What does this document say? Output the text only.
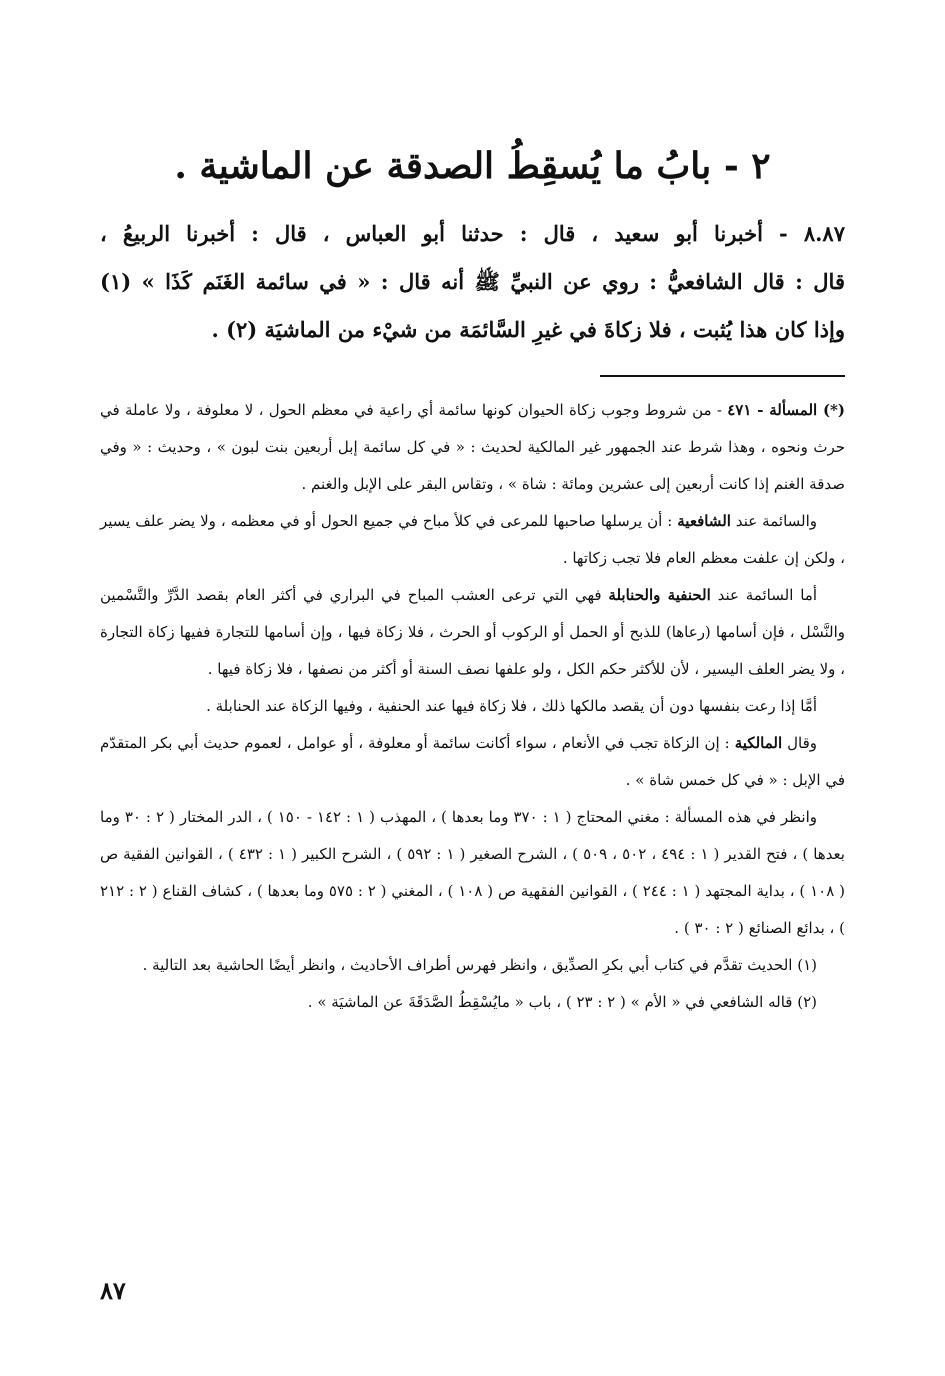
٢ - بابُ ما يُسقِطُ الصدقة عن الماشية .
٨.٨٧ - أخبرنا أبو سعيد ، قال : حدثنا أبو العباس ، قال : أخبرنا الربيعُ ،
قال : قال الشافعيُّ : روي عن النبيِّ ﷺ أنه قال : « في سائمة الغَنَم كَذَا » (١)
وإذا كان هذا يُثبت ، فلا زكاةَ في غيرِ السَّائمَة من شيْء من الماشيَة (٢) .

(*) المسألة - ٤٧١ - من شروط وجوب زكاة الحيوان كونها سائمة أي راعية في معظم الحول ، لا معلوفة ، ولا عاملة في حرث ونحوه ، وهذا شرط عند الجمهور غير المالكية لحديث : « في كل سائمة إبل أربعين بنت لبون » ، وحديث : « وفي صدقة الغنم إذا كانت أربعين إلى عشرين ومائة : شاة » ، وتقاس البقر على الإبل والغنم .

والسائمة عند الشافعية : أن يرسلها صاحبها للمرعى في كلأ مباح في جميع الحول أو في معظمه ، ولا يضر علف يسير ، ولكن إن علفت معظم العام فلا تجب زكاتها .

أما السائمة عند الحنفية والحنابلة فهي التي ترعى العشب المباح في البراري في أكثر العام بقصد الدَّرِّ والتَّسْمين والنَّسْل ، فإن أسامها (رعاها) للذبح أو الحمل أو الركوب أو الحرث ، فلا زكاة فيها ، وإن أسامها للتجارة ففيها زكاة التجارة ، ولا يضر العلف اليسير ، لأن للأكثر حكم الكل ، ولو علفها نصف السنة أو أكثر من نصفها ، فلا زكاة فيها .

أمَّا إذا رعت بنفسها دون أن يقصد مالكها ذلك ، فلا زكاة فيها عند الحنفية ، وفيها الزكاة عند الحنابلة .

وقال المالكية : إن الزكاة تجب في الأنعام ، سواء أكانت سائمة أو معلوفة ، أو عوامل ، لعموم حديث أبي بكر المتقدّم في الإبل : « في كل خمس شاة » .

وانظر في هذه المسألة : مغني المحتاج ( ١ : ٣٧٠ وما بعدها ) ، المهذب ( ١ : ١٤٢ - ١٥٠ ) ، الدر المختار ( ٢ : ٣٠ وما بعدها ) ، فتح القدير ( ١ : ٤٩٤ ، ٥٠٢ ، ٥٠٩ ) ، الشرح الصغير ( ١ : ٥٩٢ ) ، الشرح الكبير ( ١ : ٤٣٢ ) ، القوانين الفقية ص ( ١٠٨ ) ، بداية المجتهد ( ١ : ٢٤٤ ) ، القوانين الفقهية ص ( ١٠٨ ) ، المغني ( ٢ : ٥٧٥ وما بعدها ) ، كشاف القناع ( ٢ : ٢١٢ ) ، بدائع الصنائع ( ٢ : ٣٠ ) .

(١) الحديث تقدَّم في كتاب أبي بكرِ الصدِّيق ، وانظر فهرس أطراف الأحاديث ، وانظر أيضًا الحاشية بعد التالية .

(٢) قاله الشافعي في « الأم » ( ٢ : ٢٣ ) ، باب « مايُسْقِطُ الصَّدَقَةَ عن الماشيَة » .

٨٧
